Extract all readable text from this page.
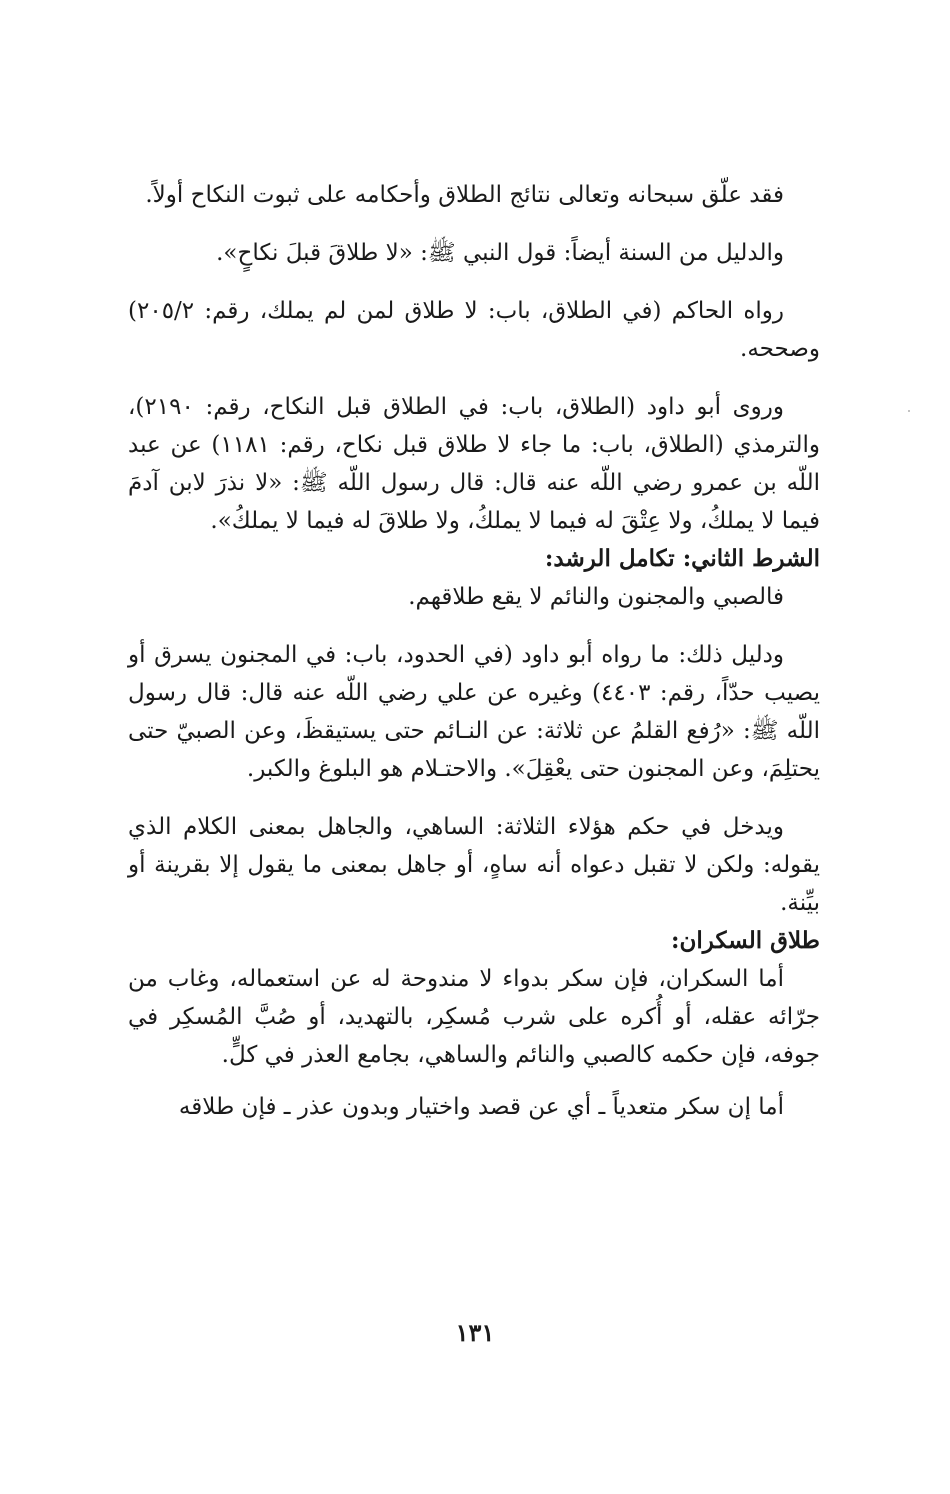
فقد علّق سبحانه وتعالى نتائج الطلاق وأحكامه على ثبوت النكاح أولاً.

والدليل من السنة أيضاً: قول النبي ﷺ: «لا طلاقَ قبلَ نكاحٍ».

رواه الحاكم (في الطلاق، باب: لا طلاق لمن لم يملك، رقم: ٢٠٥/٢) وصححه.

وروى أبو داود (الطلاق، باب: في الطلاق قبل النكاح، رقم: ٢١٩٠)، والترمذي (الطلاق، باب: ما جاء لا طلاق قبل نكاح، رقم: ١١٨١) عن عبد اللّه بن عمرو رضي اللّه عنه قال: قال رسول اللّه ﷺ: «لا نذرَ لابن آدمَ فيما لا يملكُ، ولا عِتْقَ له فيما لا يملكُ، ولا طلاقَ له فيما لا يملكُ».

الشرط الثاني: تكامل الرشد:

فالصبي والمجنون والنائم لا يقع طلاقهم.

ودليل ذلك: ما رواه أبو داود (في الحدود، باب: في المجنون يسرق أو يصيب حدّاً، رقم: ٤٤٠٣) وغيره عن علي رضي اللّه عنه قال: قال رسول اللّه ﷺ: «رُفع القلمُ عن ثلاثة: عن النـائم حتى يستيقظَ، وعن الصبيّ حتى يحتلِمَ، وعن المجنون حتى يعْقِلَ». والاحتـلام هو البلوغ والكبر.

ويدخل في حكم هؤلاء الثلاثة: الساهي، والجاهل بمعنى الكلام الذي يقوله: ولكن لا تقبل دعواه أنه ساهٍ، أو جاهل بمعنى ما يقول إلا بقرينة أو بيِّنة.

طلاق السكران:

أما السكران، فإن سكر بدواء لا مندوحة له عن استعماله، وغاب من جرّائه عقله، أو أُكره على شرب مُسكِر، بالتهديد، أو صُبَّ المُسكِر في جوفه، فإن حكمه كالصبي والنائم والساهي، بجامع العذر في كلٍّ.

أما إن سكر متعدياً ـ أي عن قصد واختيار وبدون عذر ـ فإن طلاقه

١٣١
